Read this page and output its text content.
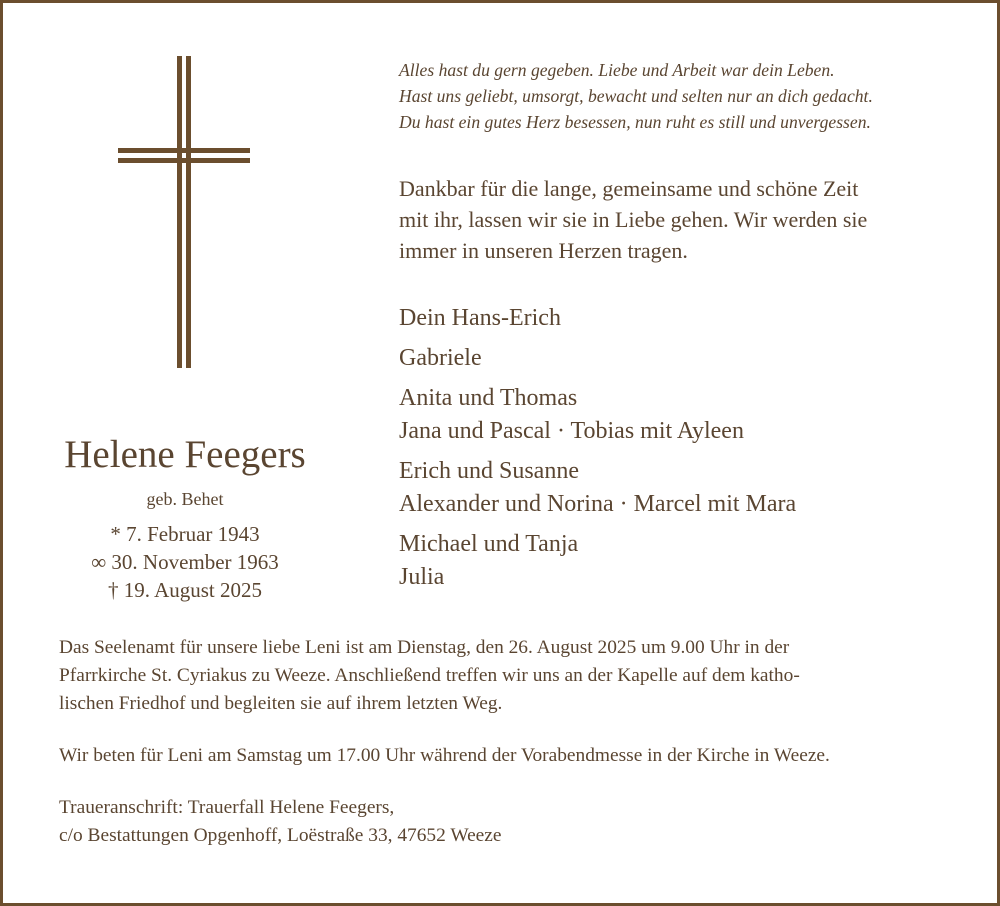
Helene Feegers
geb. Behet
* 7. Februar 1943
∞ 30. November 1963
† 19. August 2025
Alles hast du gern gegeben. Liebe und Arbeit war dein Leben.
Hast uns geliebt, umsorgt, bewacht und selten nur an dich gedacht.
Du hast ein gutes Herz besessen, nun ruht es still und unvergessen.
Dankbar für die lange, gemeinsame und schöne Zeit
mit ihr, lassen wir sie in Liebe gehen. Wir werden sie
immer in unseren Herzen tragen.
Dein Hans-Erich
Gabriele
Anita und Thomas
Jana und Pascal · Tobias mit Ayleen
Erich und Susanne
Alexander und Norina · Marcel mit Mara
Michael und Tanja
Julia

Das Seelenamt für unsere liebe Leni ist am Dienstag, den 26. August 2025 um 9.00 Uhr in der

Pfarrkirche St. Cyriakus zu Weeze. Anschließend treffen wir uns an der Kapelle auf dem katho-

lischen Friedhof und begleiten sie auf ihrem letzten Weg.

Wir beten für Leni am Samstag um 17.00 Uhr während der Vorabendmesse in der Kirche in Weeze.

Traueranschrift: Trauerfall Helene Feegers,

c/o Bestattungen Opgenhoff, Loëstraße 33, 47652 Weeze
